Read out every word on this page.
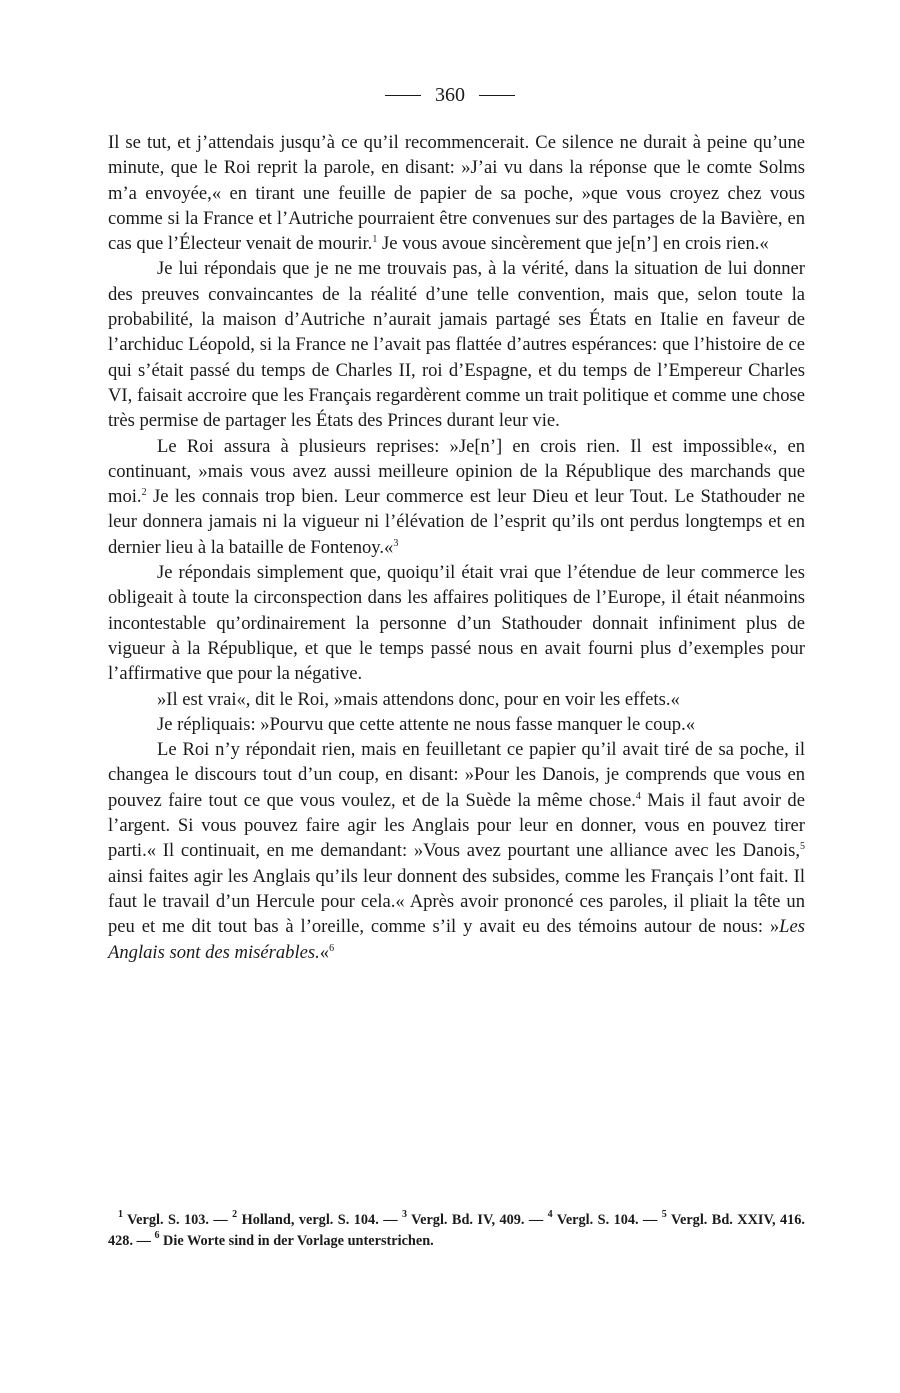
360

Il se tut, et j’attendais jusqu’à ce qu’il recommencerait. Ce silence ne durait à peine qu’une minute, que le Roi reprit la parole, en disant: »J’ai vu dans la réponse que le comte Solms m’a envoyée,« en tirant une feuille de papier de sa poche, »que vous croyez chez vous comme si la France et l’Autriche pourraient être convenues sur des partages de la Bavière, en cas que l’Électeur venait de mourir.$^1$ Je vous avoue sincèrement que je[n’] en crois rien.«

Je lui répondais que je ne me trouvais pas, à la vérité, dans la situation de lui donner des preuves convaincantes de la réalité d’une telle convention, mais que, selon toute la probabilité, la maison d’Autriche n’aurait jamais partagé ses États en Italie en faveur de l’archiduc Léopold, si la France ne l’avait pas flattée d’autres espérances: que l’histoire de ce qui s’était passé du temps de Charles II, roi d’Espagne, et du temps de l’Empereur Charles VI, faisait accroire que les Français regardèrent comme un trait politique et comme une chose très permise de partager les États des Princes durant leur vie.

Le Roi assura à plusieurs reprises: »Je[n’] en crois rien. Il est impossible«, en continuant, »mais vous avez aussi meilleure opinion de la République des marchands que moi.$^2$ Je les connais trop bien. Leur commerce est leur Dieu et leur Tout. Le Stathouder ne leur donnera jamais ni la vigueur ni l’élévation de l’esprit qu’ils ont perdus longtemps et en dernier lieu à la bataille de Fontenoy.«$^3$

Je répondais simplement que, quoiqu’il était vrai que l’étendue de leur commerce les obligeait à toute la circonspection dans les affaires politiques de l’Europe, il était néanmoins incontestable qu’ordinairement la personne d’un Stathouder donnait infiniment plus de vigueur à la République, et que le temps passé nous en avait fourni plus d’exemples pour l’affirmative que pour la négative.

»Il est vrai«, dit le Roi, »mais attendons donc, pour en voir les effets.«

Je répliquais: »Pourvu que cette attente ne nous fasse manquer le coup.«

Le Roi n’y répondait rien, mais en feuilletant ce papier qu’il avait tiré de sa poche, il changea le discours tout d’un coup, en disant: »Pour les Danois, je comprends que vous en pouvez faire tout ce que vous voulez, et de la Suède la même chose.$^4$ Mais il faut avoir de l’argent. Si vous pouvez faire agir les Anglais pour leur en donner, vous en pouvez tirer parti.« Il continuait, en me demandant: »Vous avez pourtant une alliance avec les Danois,$^5$ ainsi faites agir les Anglais qu’ils leur donnent des subsides, comme les Français l’ont fait. Il faut le travail d’un Hercule pour cela.« Après avoir prononcé ces paroles, il pliait la tête un peu et me dit tout bas à l’oreille, comme s’il y avait eu des témoins autour de nous: »Les Anglais sont des misérables.«$^6$

$^1$ Vergl. S. 103. — $^2$ Holland, vergl. S. 104. — $^3$ Vergl. Bd. IV, 409. — $^4$ Vergl. S. 104. — $^5$ Vergl. Bd. XXIV, 416. 428. — $^6$ Die Worte sind in der Vorlage unterstrichen.
